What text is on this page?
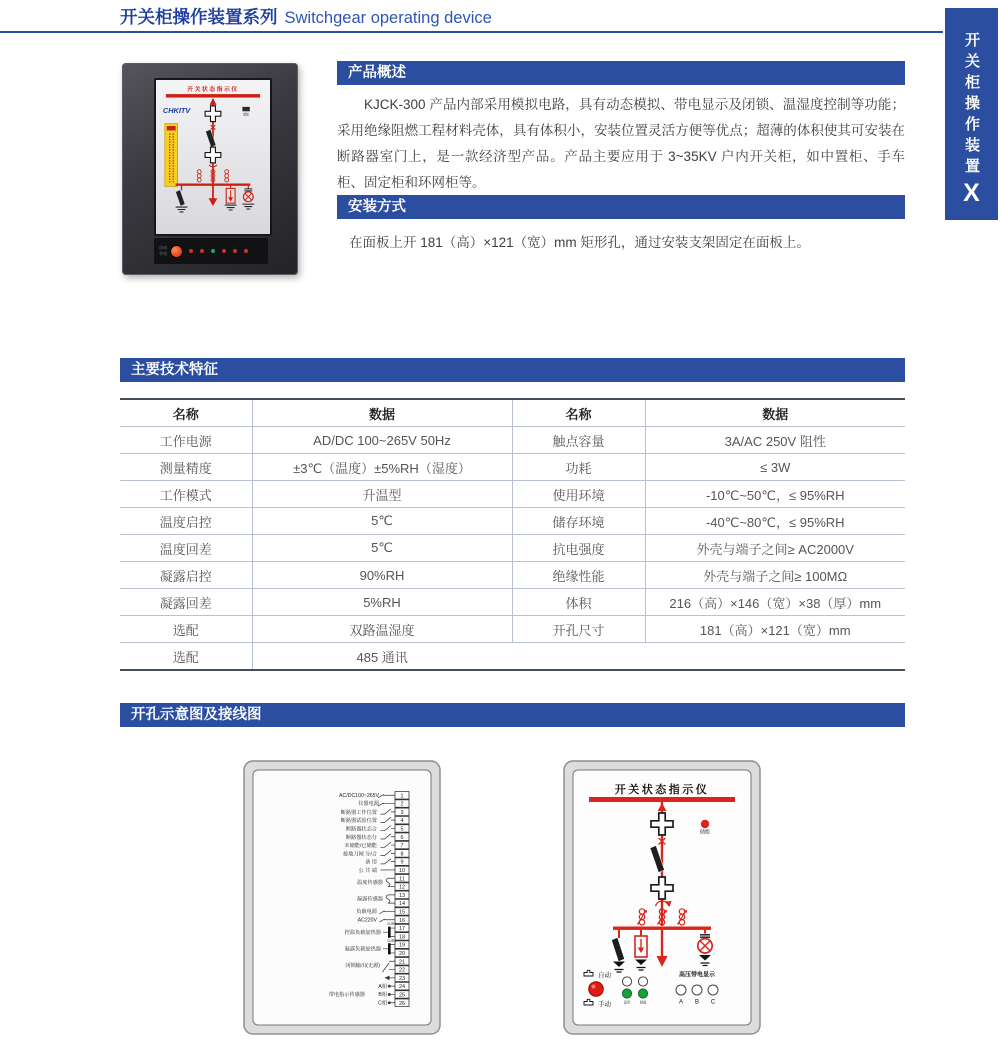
开关柜操作装置系列 Switchgear operating device
开关柜操作装置
X
开关状态指示仪
CHKITV	储能
自动
手动
产品概述
KJCK-300 产品内部采用模拟电路，具有动态模拟、带电显示及闭锁、温湿度控制等功能；采用绝缘阻燃工程材料壳体，具有体积小，安装位置灵活方便等优点；超薄的体积使其可安装在断路器室门上，是一款经济型产品。产品主要应用于 3~35KV 户内开关柜，如中置柜、手车柜、固定柜和环网柜等。
安装方式
在面板上开 181（高）×121（宽）mm 矩形孔，通过安装支架固定在面板上。
主要技术特征
名称	数据	名称	数据
工作电源	AD/DC 100~265V 50Hz	触点容量	3A/AC 250V 阻性
测量精度	±3℃（温度）±5%RH（湿度）	功耗	≤ 3W
工作模式	升温型	使用环境	-10℃~50℃，≤ 95%RH
温度启控	5℃	储存环境	-40℃~80℃，≤ 95%RH
温度回差	5℃	抗电强度	外壳与端子之间≥ AC2000V
凝露启控	90%RH	绝缘性能	外壳与端子之间≥ 100MΩ
凝露回差	5%RH	体积	216（高）×146（宽）×38（厚）mm
选配	双路温湿度	开孔尺寸	181（高）×121（宽）mm
选配	485 通讯		
开孔示意图及接线图
1
2
3
4
5
6
7
8
9
10
11
12
13
14
15
16
17
18
19
20
21
22
23
24
25
26
AC/DC100~265V
仪器电源
断路器工作位置
断路器试验位置
断路器状态合
断路器状态分
未储能/已储能
接地刀闸 分/合
备 用
公 共 端
温度传感器
凝露传感器
负载电源
AC220V
控温负载加热器
凝露负载加热器
闭锁输出(无源)
A相
B相
C相
带电指示传感器
DJR1
DJR2
开关状态指示仪
储能
自动
手动	温度	凝露
高压带电显示
A B C
